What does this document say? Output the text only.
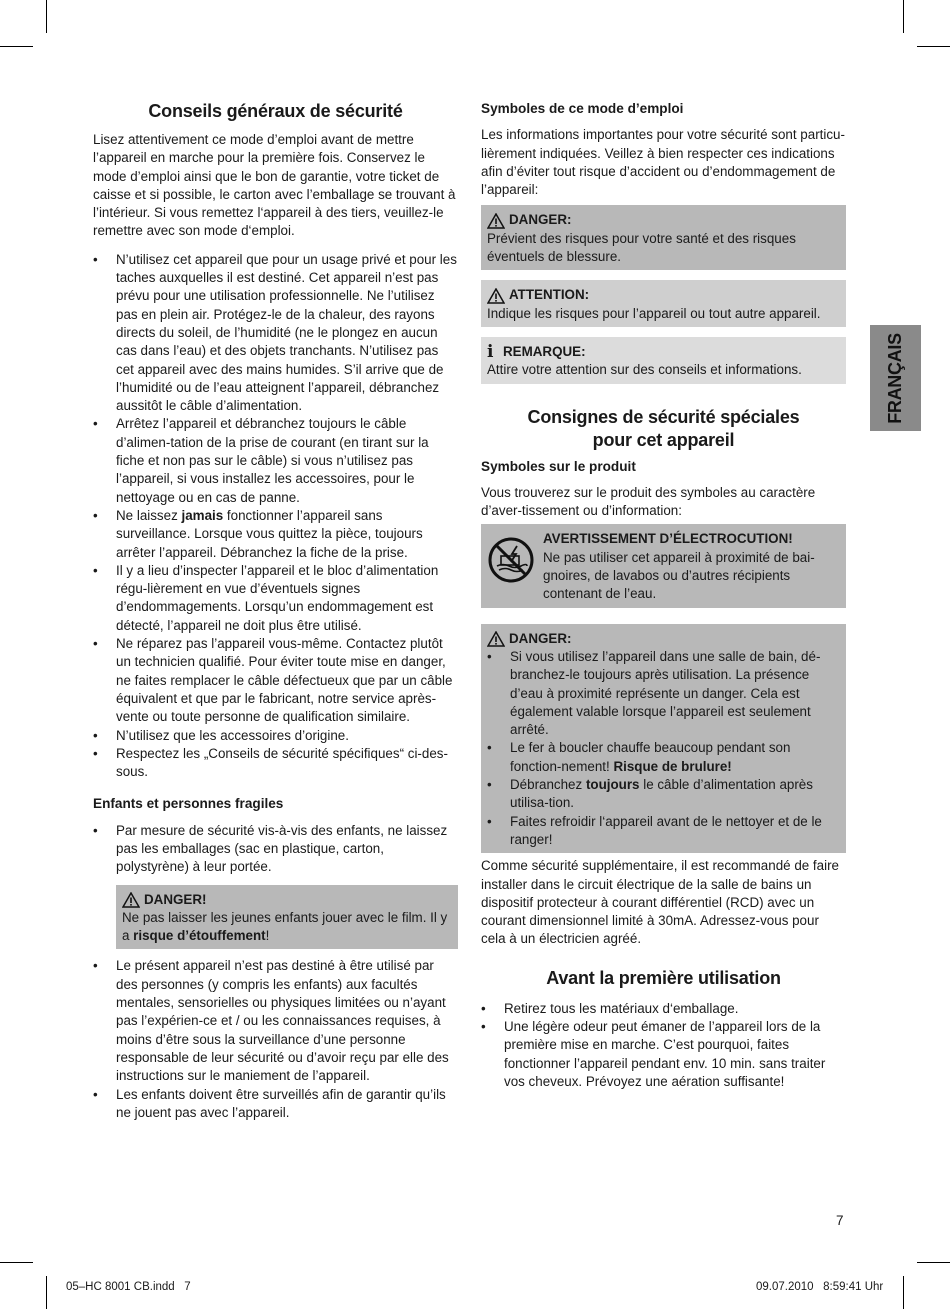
Conseils généraux de sécurité

Lisez attentivement ce mode d’emploi avant de mettre l’appareil en marche pour la première fois. Conservez le mode d’emploi ainsi que le bon de garantie, votre ticket de caisse et si possible, le carton avec l’emballage se trouvant à l’intérieur. Si vous remettez l‘appareil à des tiers, veuillez-le remettre avec son mode d‘emploi.

• N’utilisez cet appareil que pour un usage privé et pour les taches auxquelles il est destiné. Cet appareil n’est pas prévu pour une utilisation professionnelle. Ne l’utilisez pas en plein air. Protégez-le de la chaleur, des rayons directs du soleil, de l’humidité (ne le plongez en aucun cas dans l’eau) et des objets tranchants. N’utilisez pas cet appareil avec des mains humides. S’il arrive que de l’humidité ou de l’eau atteignent l’appareil, débranchez aussitôt le câble d’alimentation.
• Arrêtez l’appareil et débranchez toujours le câble d’alimen-tation de la prise de courant (en tirant sur la fiche et non pas sur le câble) si vous n’utilisez pas l’appareil, si vous installez les accessoires, pour le nettoyage ou en cas de panne.
• Ne laissez jamais fonctionner l’appareil sans surveillance. Lorsque vous quittez la pièce, toujours arrêter l’appareil. Débranchez la fiche de la prise.
• Il y a lieu d’inspecter l’appareil et le bloc d’alimentation régu-lièrement en vue d’éventuels signes d’endommagements. Lorsqu’un endommagement est détecté, l’appareil ne doit plus être utilisé.
• Ne réparez pas l’appareil vous-même. Contactez plutôt un technicien qualifié. Pour éviter toute mise en danger, ne faites remplacer le câble défectueux que par un câble équivalent et que par le fabricant, notre service après-vente ou toute personne de qualification similaire.
• N’utilisez que les accessoires d’origine.
• Respectez les „Conseils de sécurité spécifiques“ ci-des-sous.
Enfants et personnes fragiles
• Par mesure de sécurité vis-à-vis des enfants, ne laissez pas les emballages (sac en plastique, carton, polystyrène) à leur portée.
DANGER!
Ne pas laisser les jeunes enfants jouer avec le film. Il y a risque d’étouffement!
• Le présent appareil n’est pas destiné à être utilisé par des personnes (y compris les enfants) aux facultés mentales, sensorielles ou physiques limitées ou n’ayant pas l’expérien-ce et / ou les connaissances requises, à moins d’être sous la surveillance d’une personne responsable de leur sécurité ou d’avoir reçu par elle des instructions sur le maniement de l’appareil.
• Les enfants doivent être surveillés afin de garantir qu’ils ne jouent pas avec l’appareil.
Symboles de ce mode d’emploi

Les informations importantes pour votre sécurité sont particu-lièrement indiquées. Veillez à bien respecter ces indications afin d’éviter tout risque d’accident ou d’endommagement de l’appareil:

DANGER:
Prévient des risques pour votre santé et des risques éventuels de blessure.
ATTENTION:
Indique les risques pour l’appareil ou tout autre appareil.
i REMARQUE:
Attire votre attention sur des conseils et informations.
Consignes de sécurité spéciales
pour cet appareil
Symboles sur le produit

Vous trouverez sur le produit des symboles au caractère d’aver-tissement ou d’information:

AVERTISSEMENT D’ÉLECTROCUTION!
Ne pas utiliser cet appareil à proximité de bai-gnoires, de lavabos ou d’autres récipients contenant de l’eau.
DANGER:
• Si vous utilisez l’appareil dans une salle de bain, dé-branchez-le toujours après utilisation. La présence d’eau à proximité représente un danger. Cela est également valable lorsque l’appareil est seulement arrêté.
• Le fer à boucler chauffe beaucoup pendant son fonction-nement! Risque de brulure!
• Débranchez toujours le câble d’alimentation après utilisa-tion.
• Faites refroidir l‘appareil avant de le nettoyer et de le ranger!

Comme sécurité supplémentaire, il est recommandé de faire installer dans le circuit électrique de la salle de bains un dispositif protecteur à courant différentiel (RCD) avec un courant dimensionnel limité à 30mA. Adressez-vous pour cela à un électricien agréé.

Avant la première utilisation
• Retirez tous les matériaux d‘emballage.
• Une légère odeur peut émaner de l’appareil lors de la première mise en marche. C’est pourquoi, faites fonctionner l’appareil pendant env. 10 min. sans traiter vos cheveux. Prévoyez une aération suffisante!
FRANÇAIS
7
05–HC 8001 CB.indd   7	09.07.2010   8:59:41 Uhr
